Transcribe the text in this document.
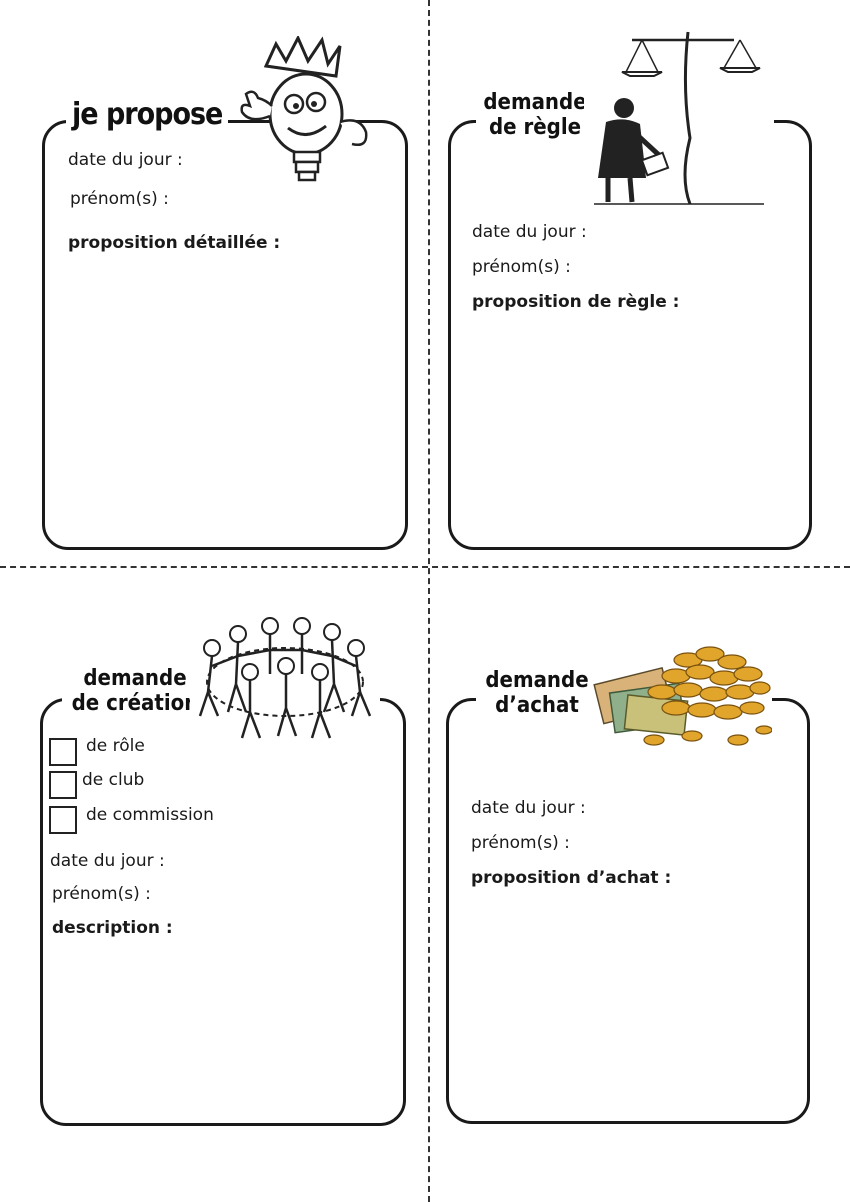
je propose
date du jour :
prénom(s) :
proposition détaillée :
demande
de règle
date du jour :
prénom(s) :
proposition de règle :
demande
de création
de rôle
de club
de commission
date du jour :
prénom(s) :
description :
demande
d’achat
date du jour :
prénom(s) :
proposition d’achat :
